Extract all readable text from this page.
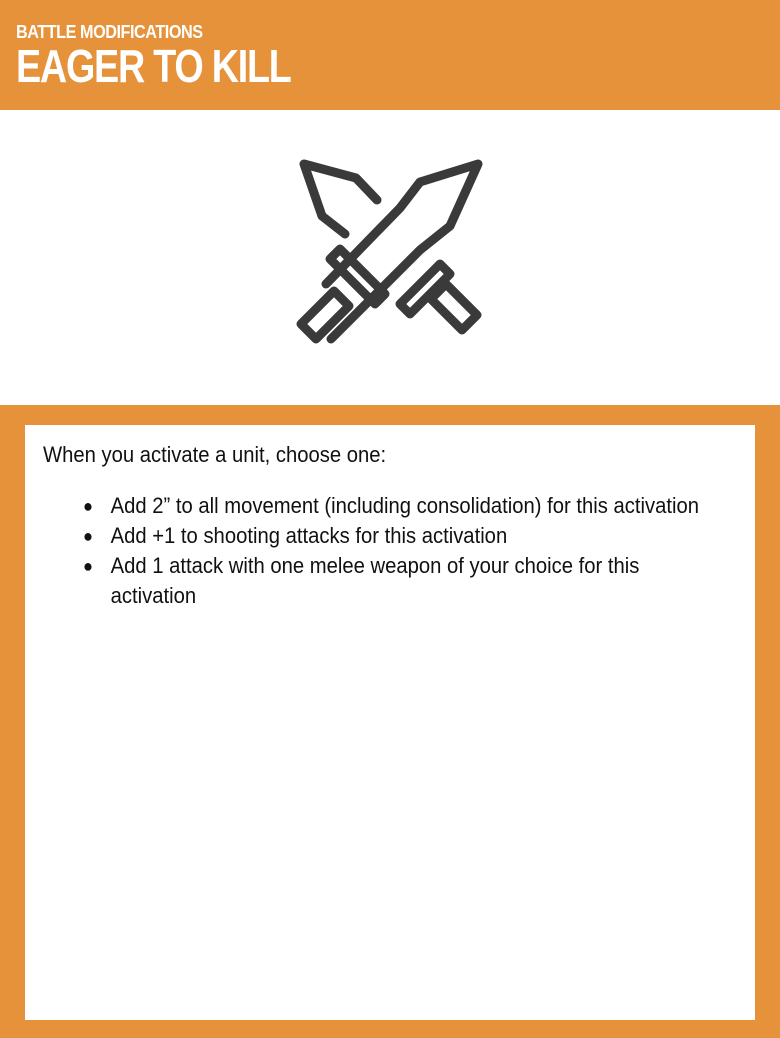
BATTLE MODIFICATIONS
EAGER TO KILL

When you activate a unit, choose one:

● Add 2” to all movement (including consolidation) for this activation
● Add +1 to shooting attacks for this activation
● Add 1 attack with one melee weapon of your choice for this activation
